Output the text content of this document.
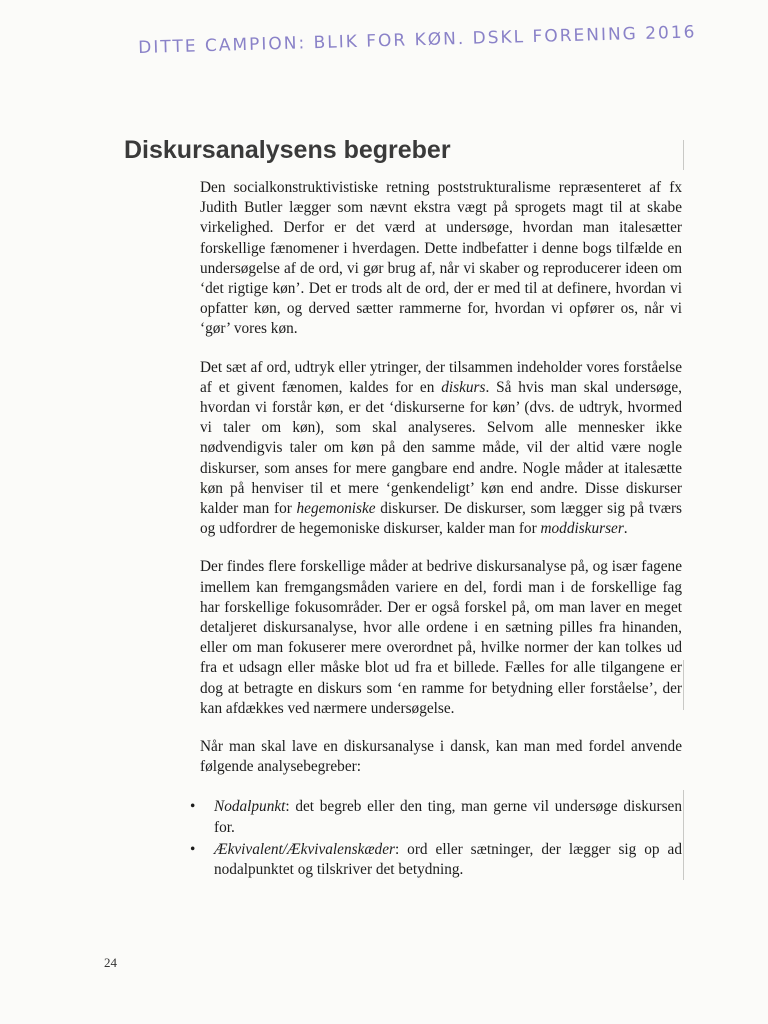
DITTE CAMPION: BLIK FOR KØN. DSKL FORENING 2016
Diskursanalysens begreber

Den socialkonstruktivistiske retning poststrukturalisme repræsenteret af fx Judith Butler lægger som nævnt ekstra vægt på sprogets magt til at skabe virkelighed. Derfor er det værd at undersøge, hvordan man italesætter forskellige fænomener i hverdagen. Dette indbefatter i denne bogs tilfælde en undersøgelse af de ord, vi gør brug af, når vi skaber og reproducerer ideen om ‘det rigtige køn’. Det er trods alt de ord, der er med til at definere, hvordan vi opfatter køn, og derved sætter rammerne for, hvordan vi opfører os, når vi ‘gør’ vores køn.

Det sæt af ord, udtryk eller ytringer, der tilsammen indeholder vores forståelse af et givent fænomen, kaldes for en diskurs. Så hvis man skal undersøge, hvordan vi forstår køn, er det ‘diskurserne for køn’ (dvs. de udtryk, hvormed vi taler om køn), som skal analyseres. Selvom alle mennesker ikke nødvendigvis taler om køn på den samme måde, vil der altid være nogle diskurser, som anses for mere gangbare end andre. Nogle måder at italesætte køn på henviser til et mere ‘genkendeligt’ køn end andre. Disse diskurser kalder man for hegemoniske diskurser. De diskurser, som lægger sig på tværs og udfordrer de hegemoniske diskurser, kalder man for moddiskurser.

Der findes flere forskellige måder at bedrive diskursanalyse på, og især fagene imellem kan fremgangsmåden variere en del, fordi man i de forskellige fag har forskellige fokusområder. Der er også forskel på, om man laver en meget detaljeret diskursanalyse, hvor alle ordene i en sætning pilles fra hinanden, eller om man fokuserer mere overordnet på, hvilke normer der kan tolkes ud fra et udsagn eller måske blot ud fra et billede. Fælles for alle tilgangene er dog at betragte en diskurs som ‘en ramme for betydning eller forståelse’, der kan afdækkes ved nærmere undersøgelse.

Når man skal lave en diskursanalyse i dansk, kan man med fordel anvende følgende analysebegreber:

• Nodalpunkt: det begreb eller den ting, man gerne vil undersøge diskursen for.
• Ækvivalent/Ækvivalenskæder: ord eller sætninger, der lægger sig op ad nodalpunktet og tilskriver det betydning.
24
